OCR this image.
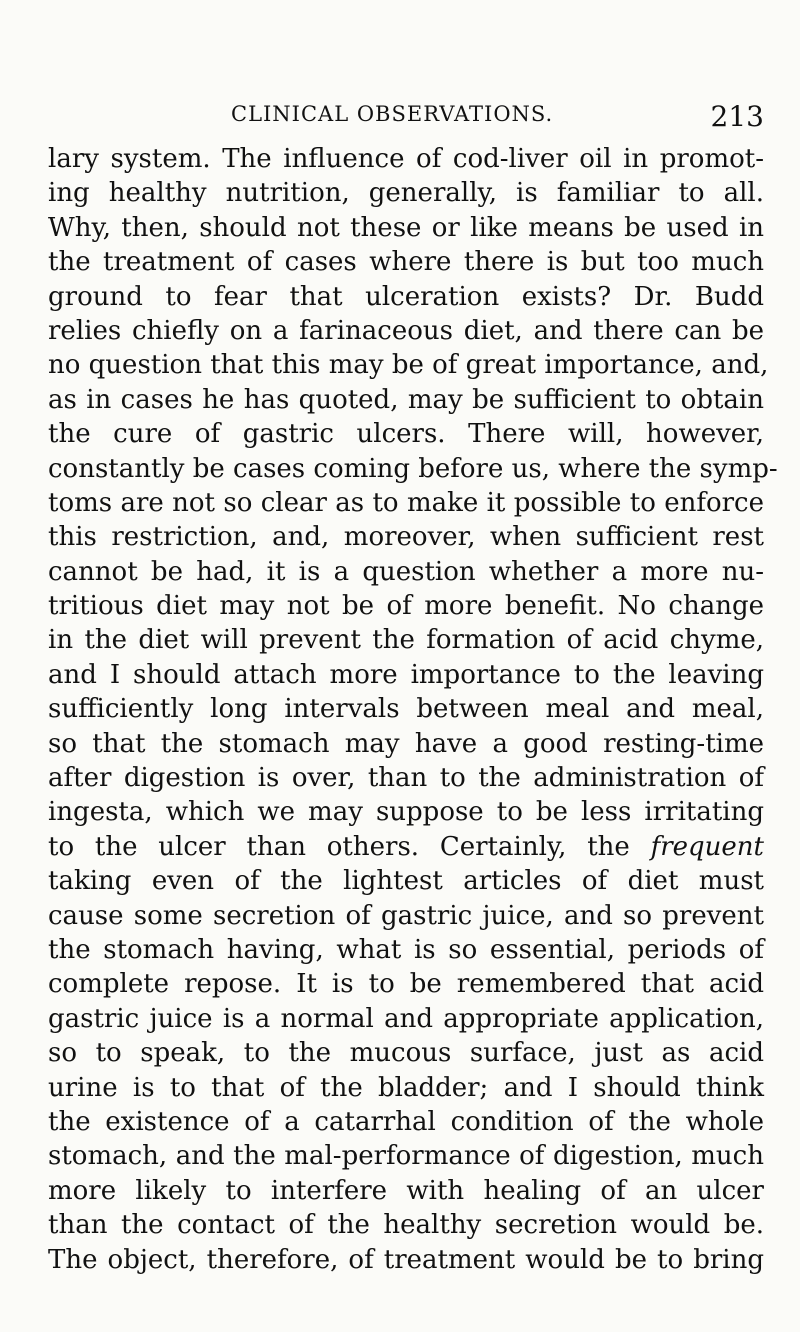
CLINICAL OBSERVATIONS.	213
lary system. The influence of cod-liver oil in promot-
ing healthy nutrition, generally, is familiar to all.
Why, then, should not these or like means be used in
the treatment of cases where there is but too much
ground to fear that ulceration exists? Dr. Budd
relies chiefly on a farinaceous diet, and there can be
no question that this may be of great importance, and,
as in cases he has quoted, may be sufficient to obtain
the cure of gastric ulcers. There will, however,
constantly be cases coming before us, where the symp-
toms are not so clear as to make it possible to enforce
this restriction, and, moreover, when sufficient rest
cannot be had, it is a question whether a more nu-
tritious diet may not be of more benefit. No change
in the diet will prevent the formation of acid chyme,
and I should attach more importance to the leaving
sufficiently long intervals between meal and meal,
so that the stomach may have a good resting-time
after digestion is over, than to the administration of
ingesta, which we may suppose to be less irritating
to the ulcer than others. Certainly, the frequent
taking even of the lightest articles of diet must
cause some secretion of gastric juice, and so prevent
the stomach having, what is so essential, periods of
complete repose. It is to be remembered that acid
gastric juice is a normal and appropriate application,
so to speak, to the mucous surface, just as acid
urine is to that of the bladder; and I should think
the existence of a catarrhal condition of the whole
stomach, and the mal-performance of digestion, much
more likely to interfere with healing of an ulcer
than the contact of the healthy secretion would be.
The object, therefore, of treatment would be to bring
